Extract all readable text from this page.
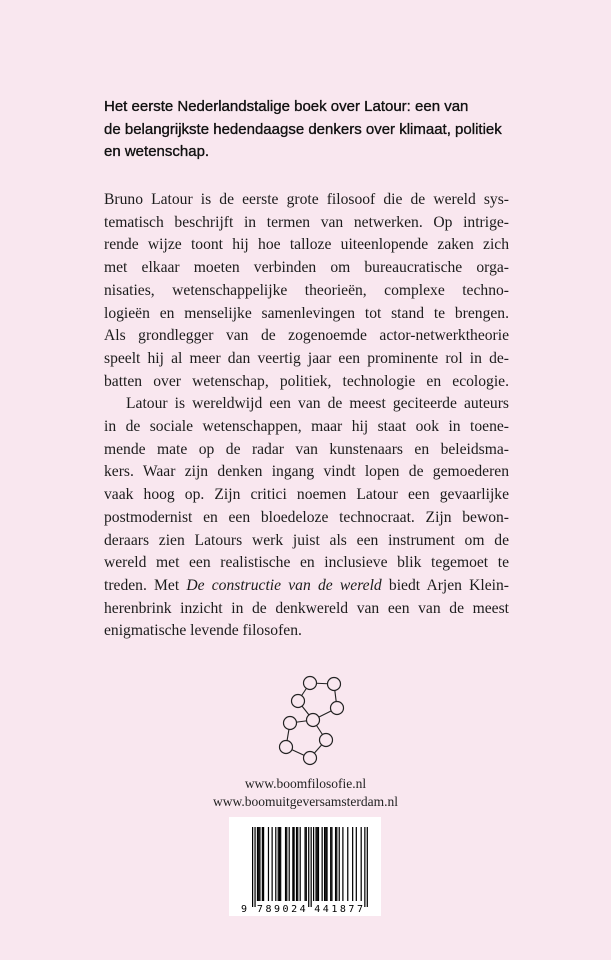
Het eerste Nederlandstalige boek over Latour: een van
de belangrijkste hedendaagse denkers over klimaat, politiek
en wetenschap.
Bruno Latour is de eerste grote filosoof die de wereld sys-
tematisch beschrijft in termen van netwerken. Op intrige-
rende wijze toont hij hoe talloze uiteenlopende zaken zich
met elkaar moeten verbinden om bureaucratische orga-
nisaties, wetenschappelijke theorieën, complexe techno-
logieën en menselijke samenlevingen tot stand te brengen.
Als grondlegger van de zogenoemde actor-netwerktheorie
speelt hij al meer dan veertig jaar een prominente rol in de-
batten over wetenschap, politiek, technologie en ecologie.
Latour is wereldwijd een van de meest geciteerde auteurs
in de sociale wetenschappen, maar hij staat ook in toene-
mende mate op de radar van kunstenaars en beleidsma-
kers. Waar zijn denken ingang vindt lopen de gemoederen
vaak hoog op. Zijn critici noemen Latour een gevaarlijke
postmodernist en een bloedeloze technocraat. Zijn bewon-
deraars zien Latours werk juist als een instrument om de
wereld met een realistische en inclusieve blik tegemoet te
treden. Met De constructie van de wereld biedt Arjen Klein-
herenbrink inzicht in de denkwereld van een van de meest
enigmatische levende filosofen.
www.boomfilosofie.nl
www.boomuitgeversamsterdam.nl
9 7 8 9 0 2 4 4 4 1 8 7 7
